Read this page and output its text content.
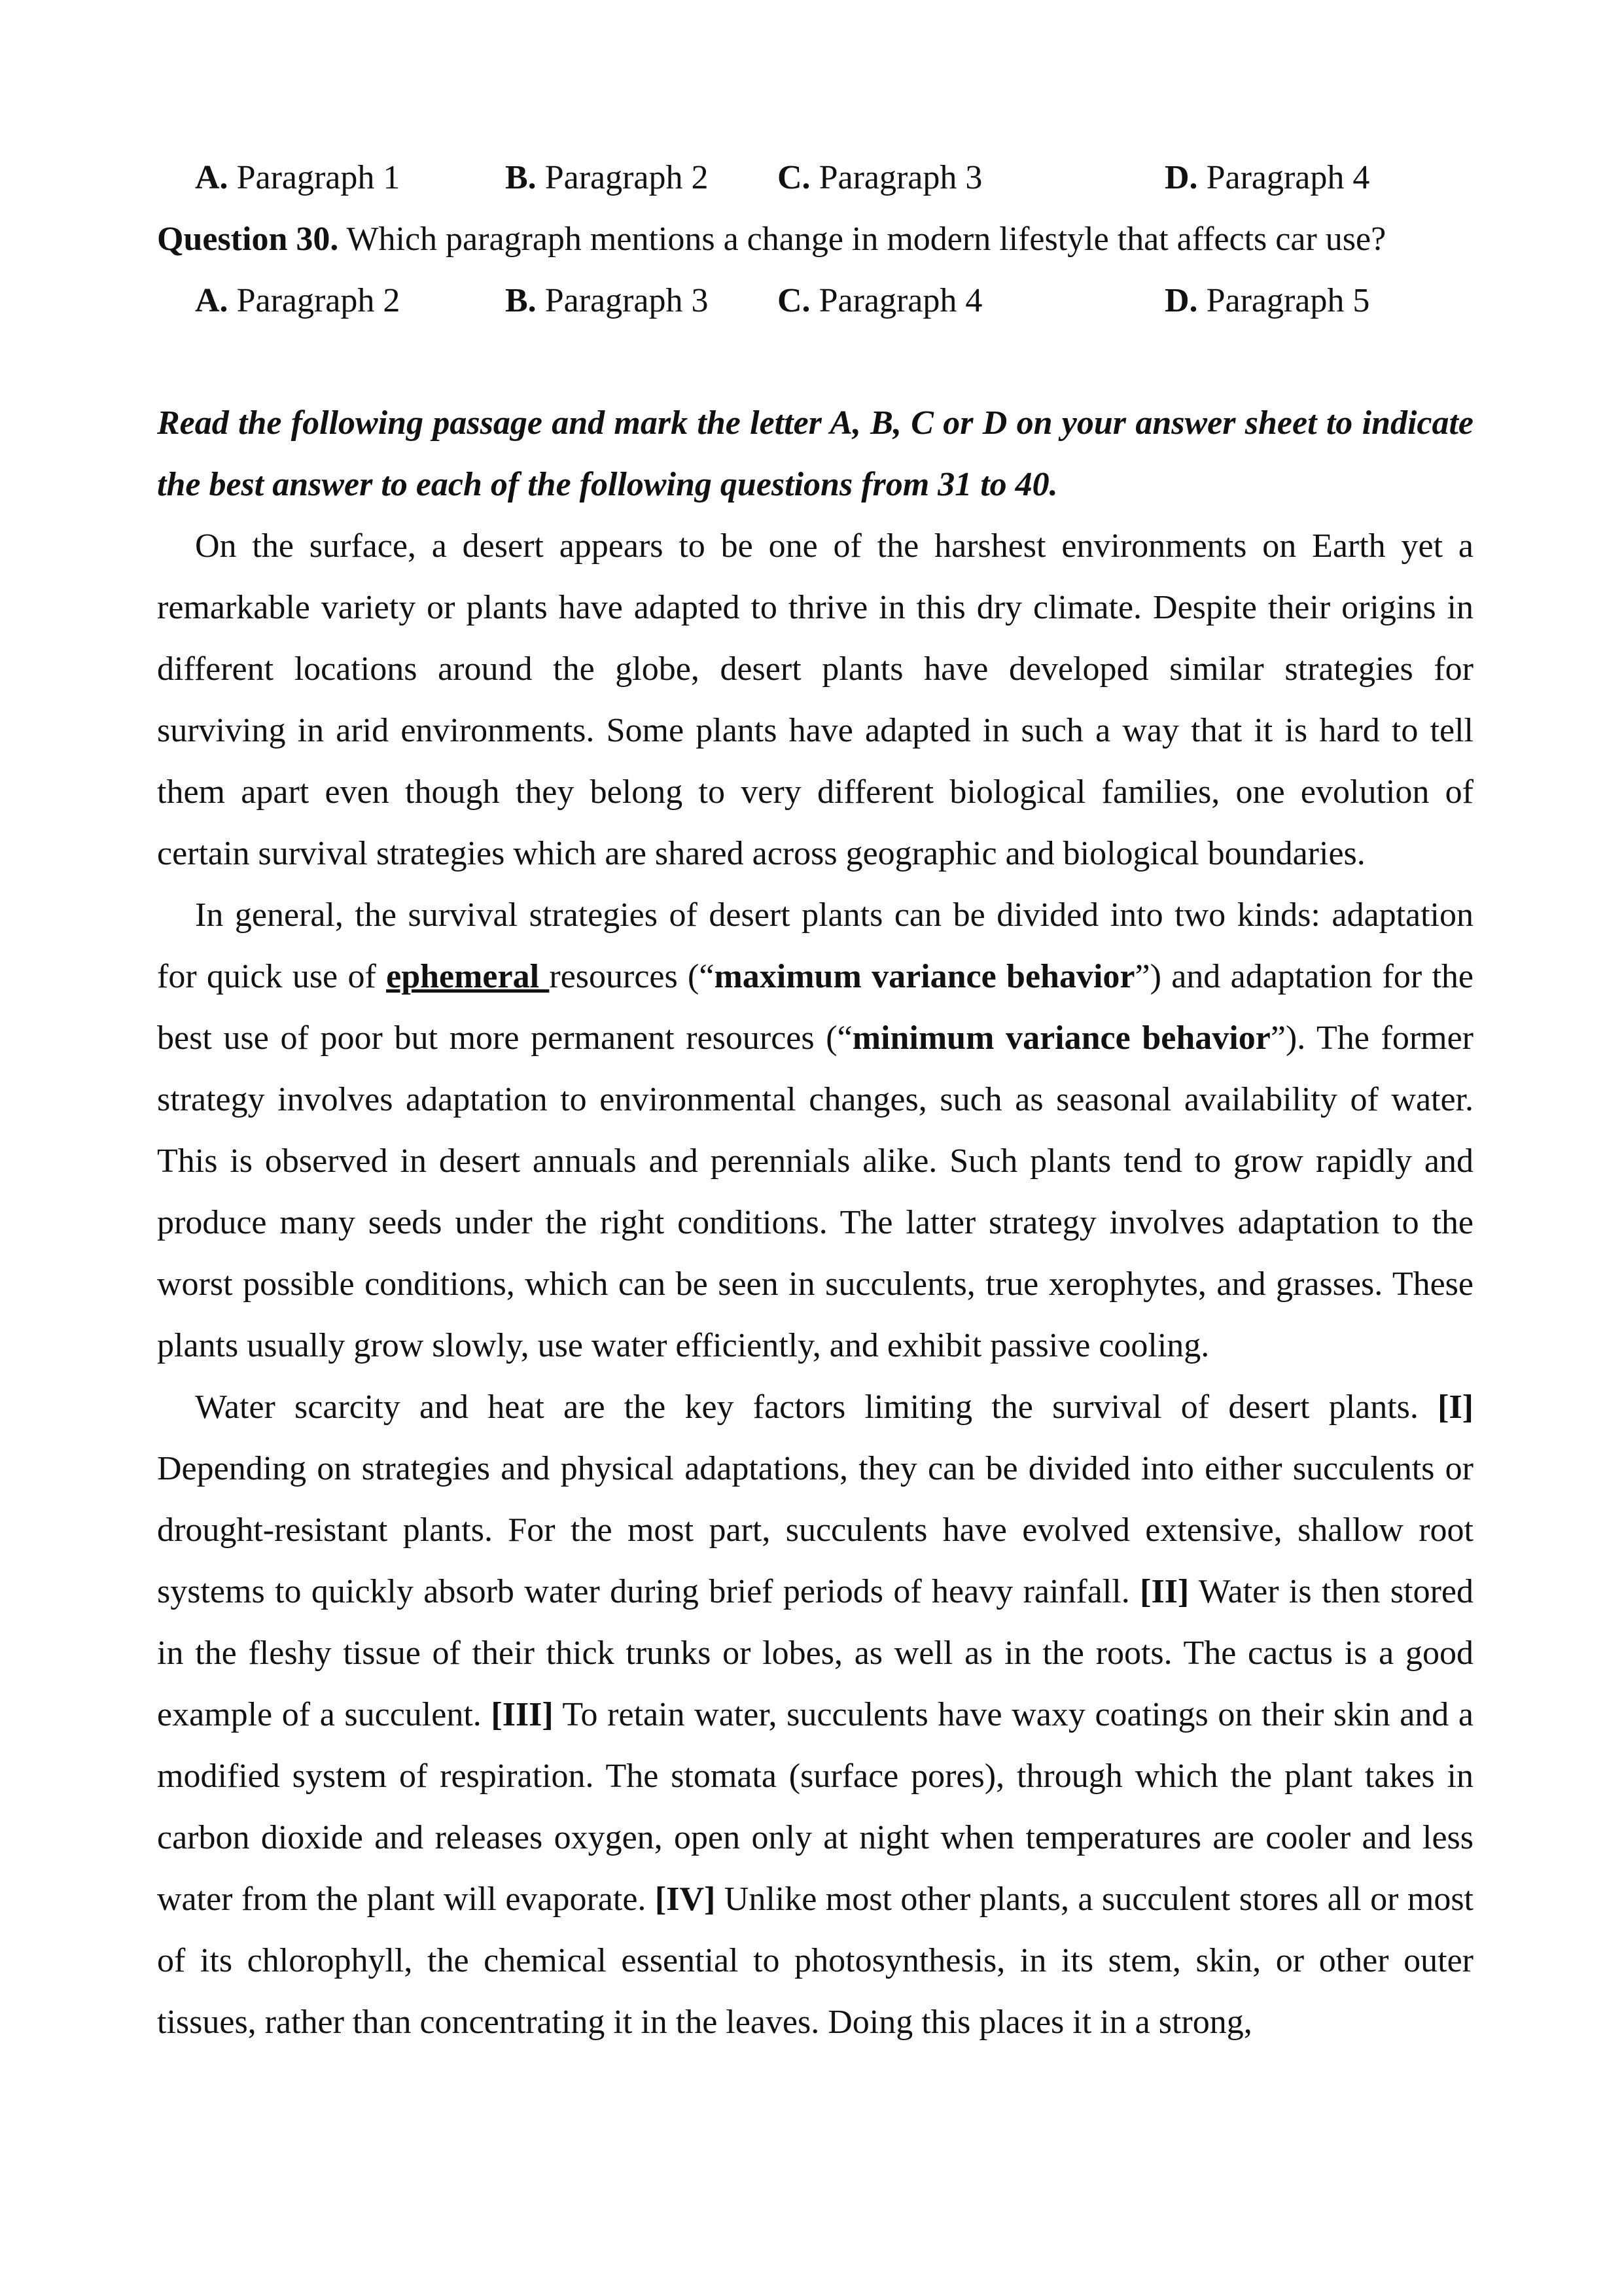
A. Paragraph 1	B. Paragraph 2 C. Paragraph 3	D. Paragraph 4
Question 30. Which paragraph mentions a change in modern lifestyle that affects car use?
A. Paragraph 2	B. Paragraph 3 C. Paragraph 4	D. Paragraph 5
Read the following passage and mark the letter A, B, C or D on your answer sheet to indicate the best answer to each of the following questions from 31 to 40.

On the surface, a desert appears to be one of the harshest environments on Earth yet a remarkable variety or plants have adapted to thrive in this dry climate. Despite their origins in different locations around the globe, desert plants have developed similar strategies for surviving in arid environments. Some plants have adapted in such a way that it is hard to tell them apart even though they belong to very different biological families, one evolution of certain survival strategies which are shared across geographic and biological boundaries.

In general, the survival strategies of desert plants can be divided into two kinds: adaptation for quick use of ephemeral resources (“maximum variance behavior”) and adaptation for the best use of poor but more permanent resources (“minimum variance behavior”). The former strategy involves adaptation to environmental changes, such as seasonal availability of water. This is observed in desert annuals and perennials alike. Such plants tend to grow rapidly and produce many seeds under the right conditions. The latter strategy involves adaptation to the worst possible conditions, which can be seen in succulents, true xerophytes, and grasses. These plants usually grow slowly, use water efficiently, and exhibit passive cooling.

Water scarcity and heat are the key factors limiting the survival of desert plants. [I] Depending on strategies and physical adaptations, they can be divided into either succulents or drought-resistant plants. For the most part, succulents have evolved extensive, shallow root systems to quickly absorb water during brief periods of heavy rainfall. [II] Water is then stored in the fleshy tissue of their thick trunks or lobes, as well as in the roots. The cactus is a good example of a succulent. [III] To retain water, succulents have waxy coatings on their skin and a modified system of respiration. The stomata (surface pores), through which the plant takes in carbon dioxide and releases oxygen, open only at night when temperatures are cooler and less water from the plant will evaporate. [IV] Unlike most other plants, a succulent stores all or most of its chlorophyll, the chemical essential to photosynthesis, in its stem, skin, or other outer tissues, rather than concentrating it in the leaves. Doing this places it in a strong,
